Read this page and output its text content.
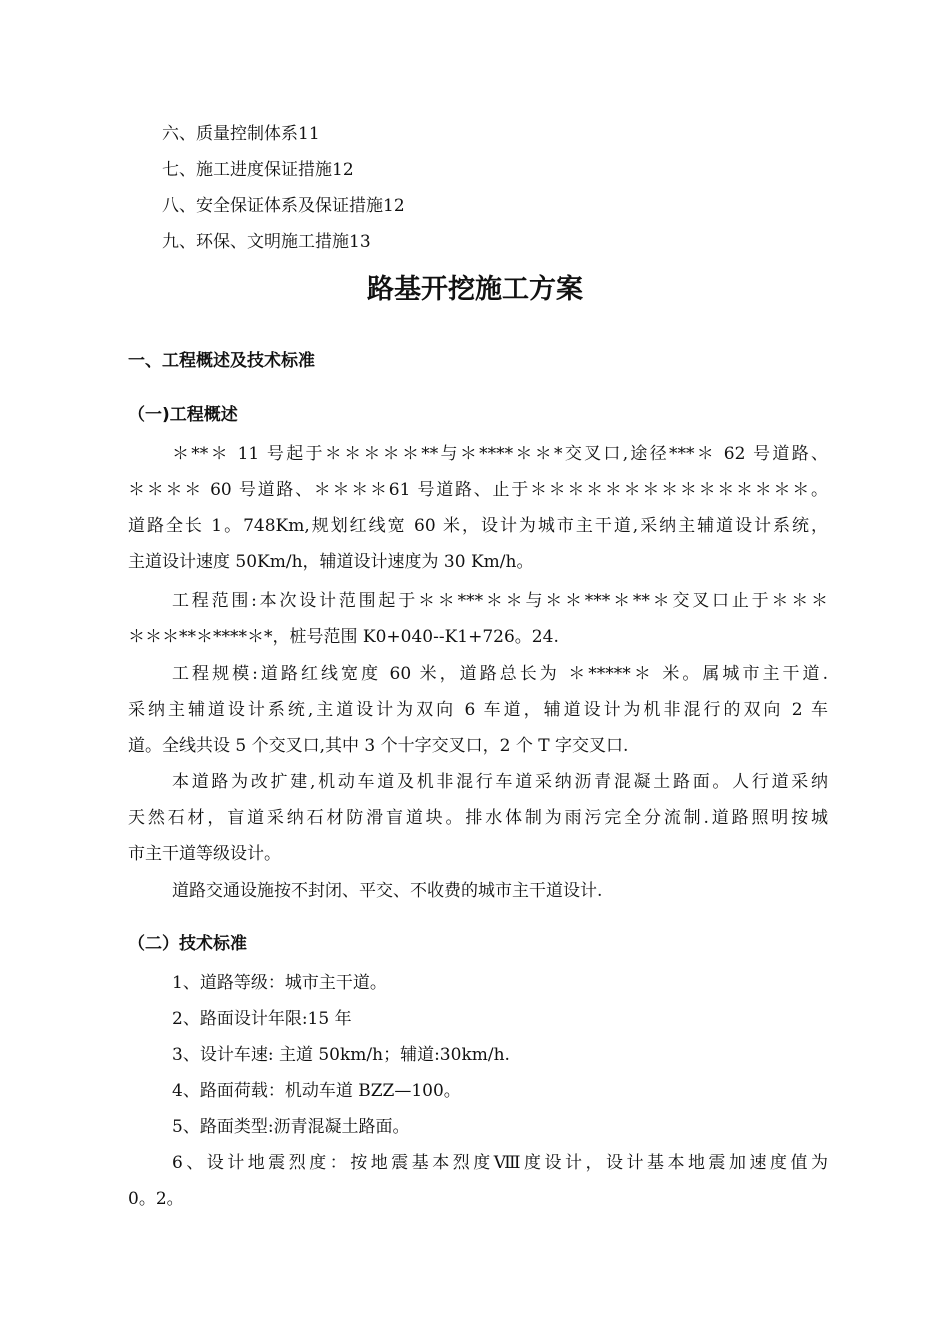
六、质量控制体系11
七、施工进度保证措施12
八、安全保证体系及保证措施12
九、环保、文明施工措施13
路基开挖施工方案
一、工程概述及技术标准
（一)工程概述
＊**＊ 11 号起于＊＊＊＊＊**与＊****＊＊*交叉口,途径***＊ 62 号道路、
＊＊＊＊ 60 号道路、＊＊＊＊61 号道路、止于＊＊＊＊＊＊＊＊＊＊＊＊＊＊＊。
道路全长 1。748Km,规划红线宽 60 米，设计为城市主干道,采纳主辅道设计系统，
主道设计速度 50Km/h，辅道设计速度为 30 Km/h。
工程范围:本次设计范围起于＊＊***＊＊与＊＊***＊**＊交叉口止于＊＊＊
＊＊＊**＊****＊*，桩号范围 K0+040--K1+726。24.
工程规模:道路红线宽度 60 米，道路总长为 ＊*****＊ 米。属城市主干道.
采纳主辅道设计系统,主道设计为双向 6 车道，辅道设计为机非混行的双向 2 车
道。全线共设 5 个交叉口,其中 3 个十字交叉口，2 个 T 字交叉口.
本道路为改扩建,机动车道及机非混行车道采纳沥青混凝土路面。人行道采纳
天然石材，盲道采纳石材防滑盲道块。排水体制为雨污完全分流制.道路照明按城
市主干道等级设计。
道路交通设施按不封闭、平交、不收费的城市主干道设计.
（二）技术标准
1、道路等级：城市主干道。
2、路面设计年限:15 年
3、设计车速: 主道 50km/h；辅道:30km/h.
4、路面荷载：机动车道 BZZ—100。
5、路面类型:沥青混凝土路面。
6、设计地震烈度：按地震基本烈度Ⅷ度设计，设计基本地震加速度值为
0。2。
